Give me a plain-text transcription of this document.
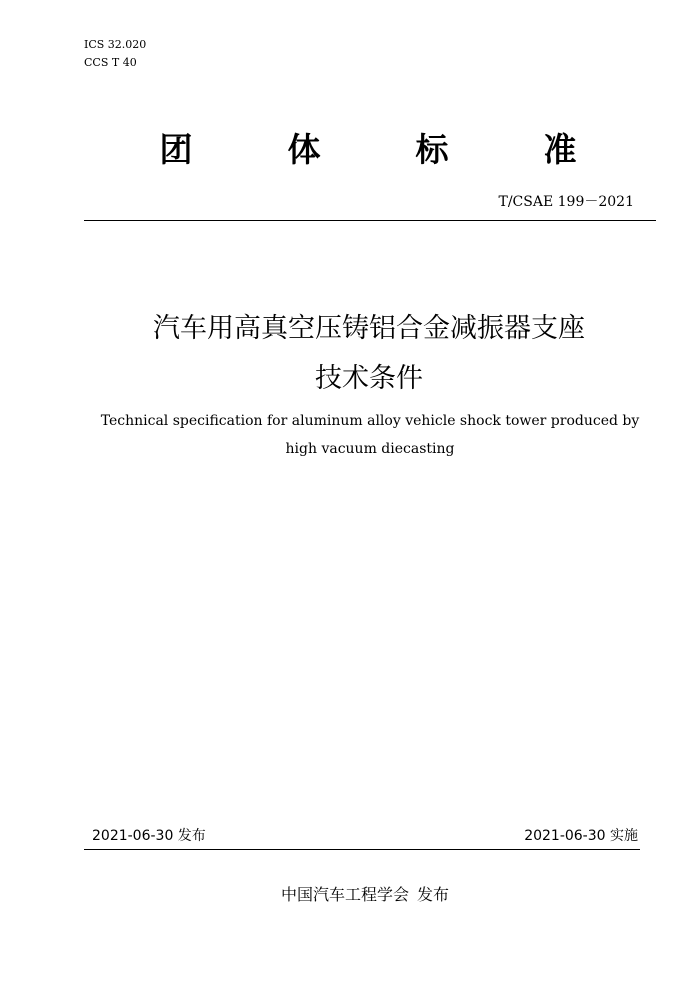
ICS 32.020
CCS T 40
团	体	标	准
T/CSAE 199－2021
汽车用高真空压铸铝合金减振器支座
技术条件
Technical specification for aluminum alloy vehicle shock tower produced by high vacuum diecasting
2021-06-30 发布	2021-06-30 实施
中国汽车工程学会 发布
